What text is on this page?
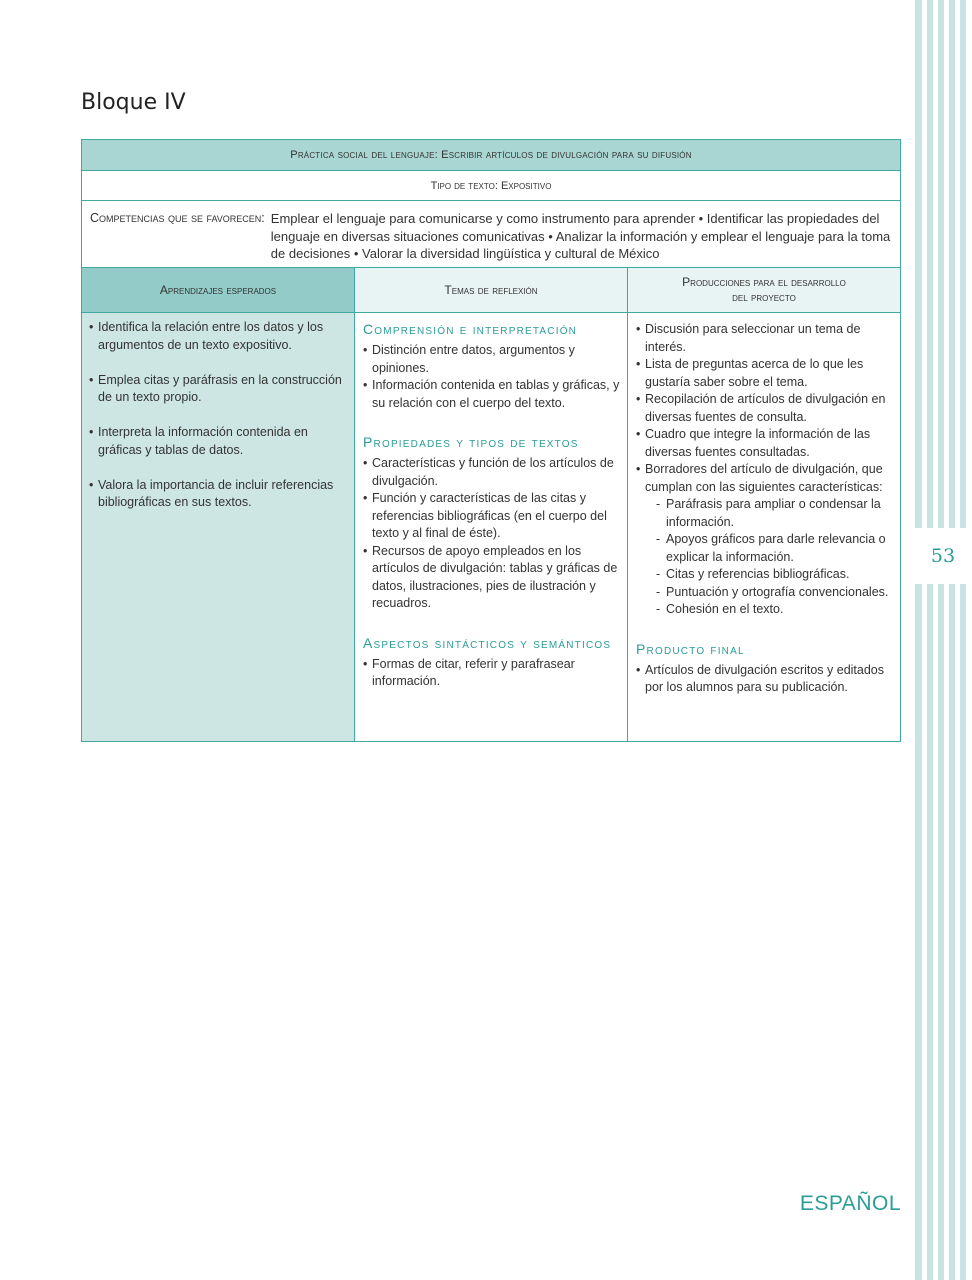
53
Bloque IV
Práctica social del lenguaje:
Escribir artículos de divulgación para su difusión
Tipo de texto:
Expositivo
Competencias que se favorecen: Emplear el lenguaje para comunicarse y como instrumento para aprender • Identificar las propiedades del lenguaje en diversas situaciones comunicativas • Analizar la información y emplear el lenguaje para la toma de decisiones • Valorar la diversidad lingüística y cultural de México
Aprendizajes esperados	Temas de reflexión
Producciones para el desarrollo
del proyecto
• Identifica la relación entre los datos y los argumentos de un texto expositivo.
• Emplea citas y paráfrasis en la construcción de un texto propio.
• Interpreta la información contenida en gráficas y tablas de datos.
• Valora la importancia de incluir referencias bibliográficas en sus textos.
Comprensión e interpretación
• Distinción entre datos, argumentos y opiniones.
• Información contenida en tablas y gráficas, y su relación con el cuerpo del texto.
Propiedades y tipos de textos
• Características y función de los artículos de divulgación.
• Función y características de las citas y referencias bibliográficas (en el cuerpo del texto y al final de éste).
• Recursos de apoyo empleados en los artículos de divulgación: tablas y gráficas de datos, ilustraciones, pies de ilustración y recuadros.
Aspectos sintácticos y semánticos
• Formas de citar, referir y parafrasear información.
• Discusión para seleccionar un tema de interés.
• Lista de preguntas acerca de lo que les gustaría saber sobre el tema.
• Recopilación de artículos de divulgación en diversas fuentes de consulta.
• Cuadro que integre la información de las diversas fuentes consultadas.
• Borradores del artículo de divulgación, que cumplan con las siguientes características:
- Paráfrasis para ampliar o condensar la información.
- Apoyos gráficos para darle relevancia o explicar la información.
- Citas y referencias bibliográficas.
- Puntuación y ortografía convencionales.
- Cohesión en el texto.
Producto final
• Artículos de divulgación escritos y editados por los alumnos para su publicación.
ESPAÑOL
